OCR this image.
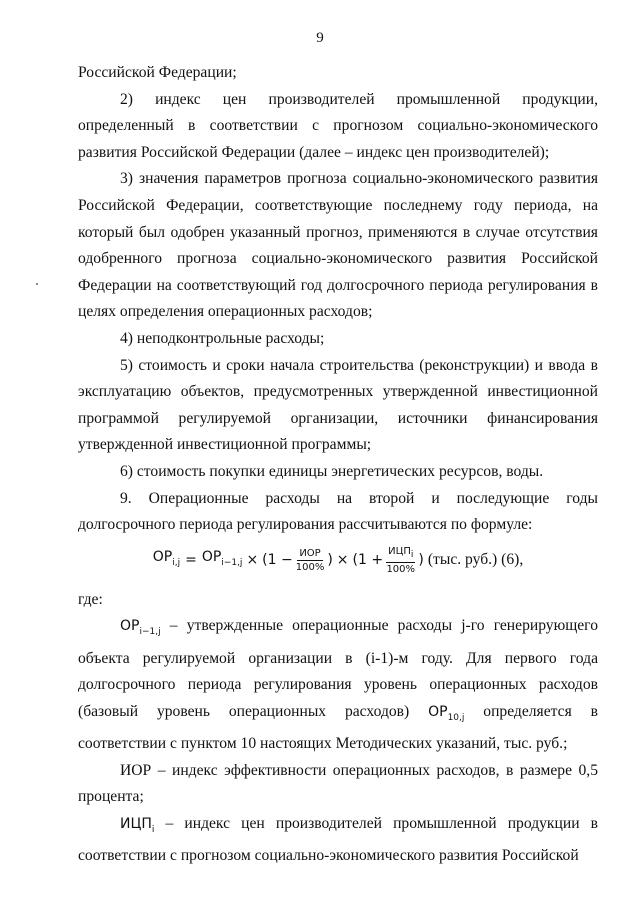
9

Российской Федерации;

2) индекс цен производителей промышленной продукции, определенный в соответствии с прогнозом социально-экономического развития Российской Федерации (далее – индекс цен производителей);

3) значения параметров прогноза социально-экономического развития Российской Федерации, соответствующие последнему году периода, на который был одобрен указанный прогноз, применяются в случае отсутствия одобренного прогноза социально-экономического развития Российской Федерации на соответствующий год долгосрочного периода регулирования в целях определения операционных расходов;

4) неподконтрольные расходы;

5) стоимость и сроки начала строительства (реконструкции) и ввода в эксплуатацию объектов, предусмотренных утвержденной инвестиционной программой регулируемой организации, источники финансирования утвержденной инвестиционной программы;

6) стоимость покупки единицы энергетических ресурсов, воды.

9. Операционные расходы на второй и последующие годы долгосрочного периода регулирования рассчитываются по формуле:

$OP_{i,j} = OP_{i-1,j} \times (1 - \frac{\text{ИОР}}{100\%}$ ) × ($1 + \frac{ИЦП_i}{100\%}$ ) (тыс. руб.) (6),

где:

$OP_{i-1,j}$ – утвержденные операционные расходы j-го генерирующего объекта регулируемой организации в (i-1)-м году. Для первого года долгосрочного периода регулирования уровень операционных расходов (базовый уровень операционных расходов) $OP_{10,j}$ определяется в соответствии с пунктом 10 настоящих Методических указаний, тыс. руб.;

ИОР – индекс эффективности операционных расходов, в размере 0,5 процента;

$ИЦП_i$ – индекс цен производителей промышленной продукции в соответствии с прогнозом социально-экономического развития Российской
